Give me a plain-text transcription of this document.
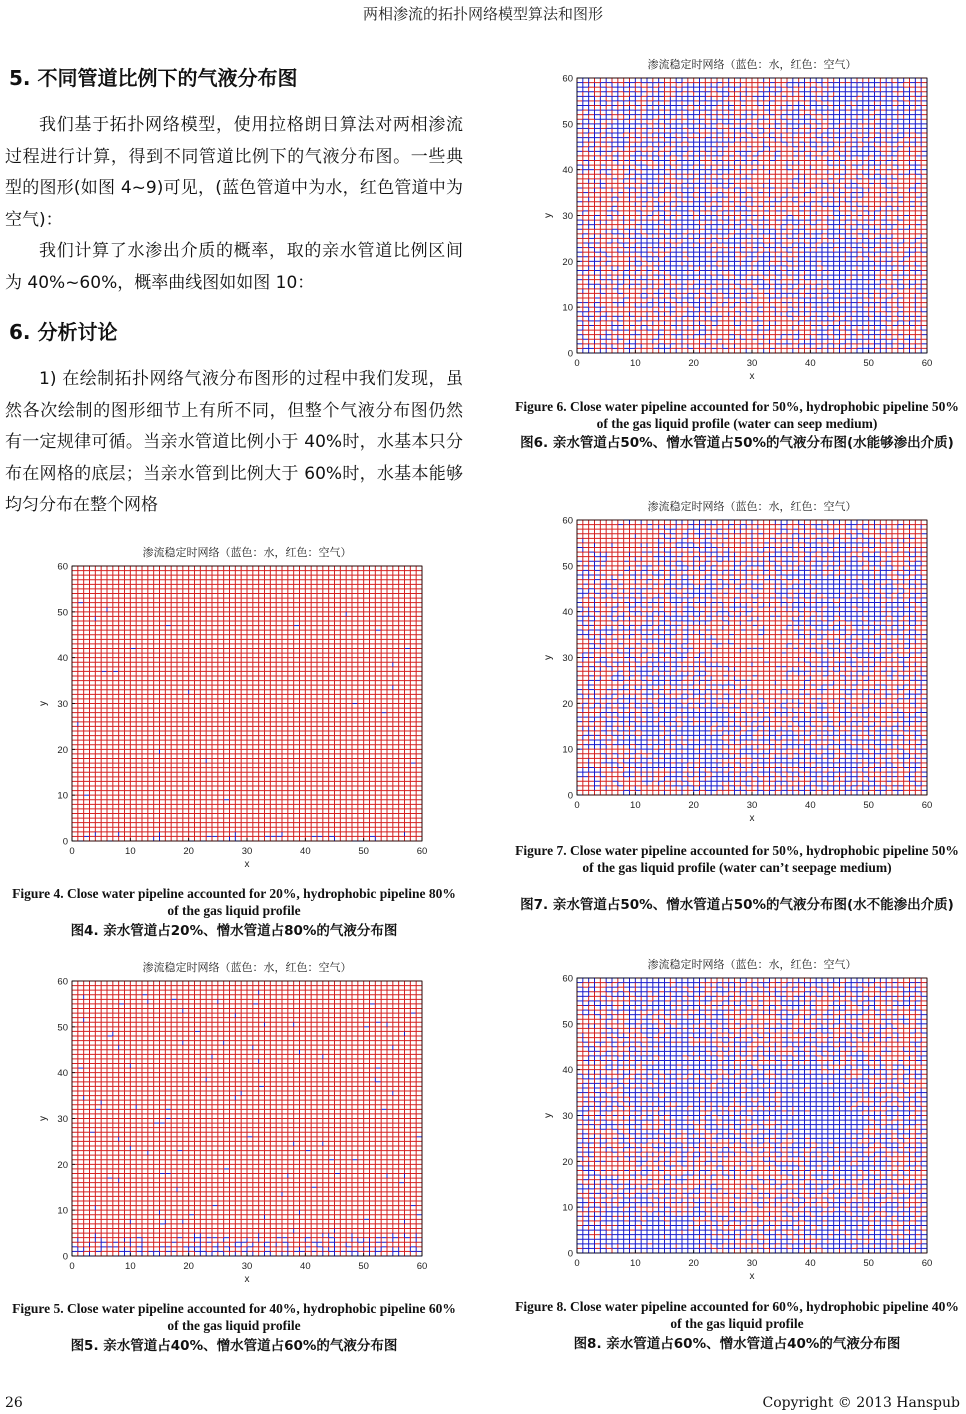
两相渗流的拓扑网络模型算法和图形
5. 不同管道比例下的气液分布图

我们基于拓扑网络模型，使用拉格朗日算法对两相渗流过程进行计算，得到不同管道比例下的气液分布图。一些典型的图形(如图 4~9)可见，(蓝色管道中为水，红色管道中为空气)：

我们计算了水渗出介质的概率，取的亲水管道比例区间为 40%~60%，概率曲线图如如图 10：

6. 分析讨论

1) 在绘制拓扑网络气液分布图形的过程中我们发现，虽然各次绘制的图形细节上有所不同，但整个气液分布图仍然有一定规律可循。当亲水管道比例小于 40%时，水基本只分布在网格的底层；当亲水管到比例大于 60%时，水基本能够均匀分布在整个网格

0	10	20	30	40	50	60
0
10
20
30
40
50
60
渗流稳定时网络（蓝色：水，红色：空气）
x
y
Figure 4. Close water pipeline accounted for 20%, hydrophobic pipeline 80% of the gas liquid profile
图4. 亲水管道占20%、憎水管道占80%的气液分布图
0	10	20	30	40	50	60
0
10
20
30
40
50
60
渗流稳定时网络（蓝色：水，红色：空气）
x
y
Figure 5. Close water pipeline accounted for 40%, hydrophobic pipeline 60% of the gas liquid profile
图5. 亲水管道占40%、憎水管道占60%的气液分布图
0	10	20	30	40	50	60
0
10
20
30
40
50
60
渗流稳定时网络（蓝色：水，红色：空气）
x
y
Figure 6. Close water pipeline accounted for 50%, hydrophobic pipeline 50% of the gas liquid profile (water can seep medium)
图6. 亲水管道占50%、憎水管道占50%的气液分布图(水能够渗出介质)
0	10	20	30	40	50	60
0
10
20
30
40
50
60
渗流稳定时网络（蓝色：水，红色：空气）
x
y
Figure 7. Close water pipeline accounted for 50%, hydrophobic pipeline 50% of the gas liquid profile (water can’t seepage medium)
图7. 亲水管道占50%、憎水管道占50%的气液分布图(水不能渗出介质)
0	10	20	30	40	50	60
0
10
20
30
40
50
60
渗流稳定时网络（蓝色：水，红色：空气）
x
y
Figure 8. Close water pipeline accounted for 60%, hydrophobic pipeline 40% of the gas liquid profile
图8. 亲水管道占60%、憎水管道占40%的气液分布图
26	Copyright © 2013 Hanspub
